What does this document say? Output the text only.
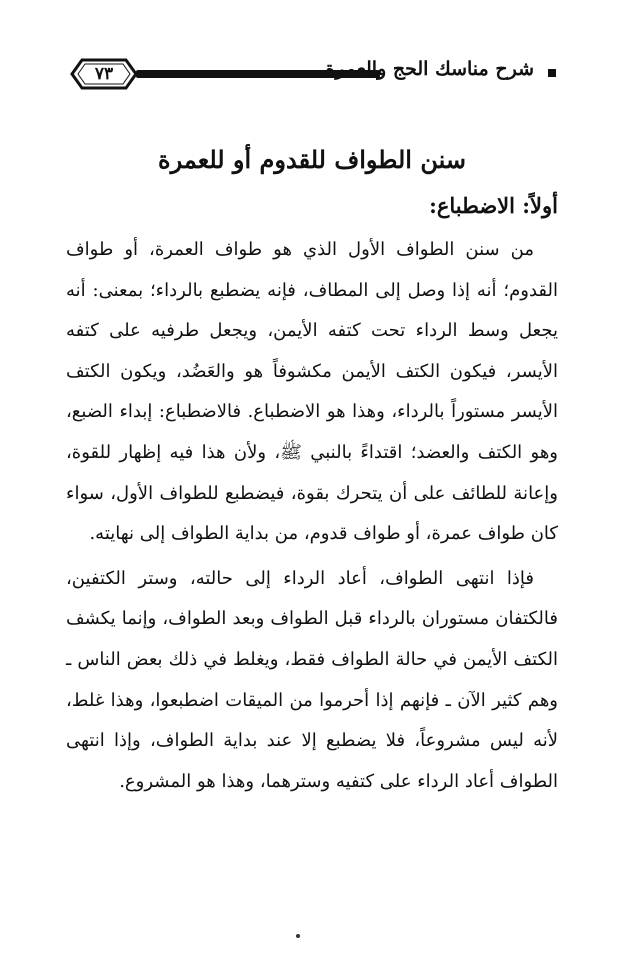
٧٣	شرح مناسك الحج والعمرة
سنن الطواف للقدوم أو للعمرة
أولاً: الاضطباع:

من سنن الطواف الأول الذي هو طواف العمرة، أو طواف القدوم؛ أنه إذا وصل إلى المطاف، فإنه يضطبع بالرداء؛ بمعنى: أنه يجعل وسط الرداء تحت كتفه الأيمن، ويجعل طرفيه على كتفه الأيسر، فيكون الكتف الأيمن مكشوفاً هو والعَضُد، ويكون الكتف الأيسر مستوراً بالرداء، وهذا هو الاضطباع. فالاضطباع: إبداء الضبع، وهو الكتف والعضد؛ اقتداءً بالنبي ﷺ، ولأن هذا فيه إظهار للقوة، وإعانة للطائف على أن يتحرك بقوة، فيضطبع للطواف الأول، سواء كان طواف عمرة، أو طواف قدوم، من بداية الطواف إلى نهايته.

فإذا انتهى الطواف، أعاد الرداء إلى حالته، وستر الكتفين، فالكتفان مستوران بالرداء قبل الطواف وبعد الطواف، وإنما يكشف الكتف الأيمن في حالة الطواف فقط، ويغلط في ذلك بعض الناس ـ وهم كثير الآن ـ فإنهم إذا أحرموا من الميقات اضطبعوا، وهذا غلط، لأنه ليس مشروعاً، فلا يضطبع إلا عند بداية الطواف، وإذا انتهى الطواف أعاد الرداء على كتفيه وسترهما، وهذا هو المشروع.
